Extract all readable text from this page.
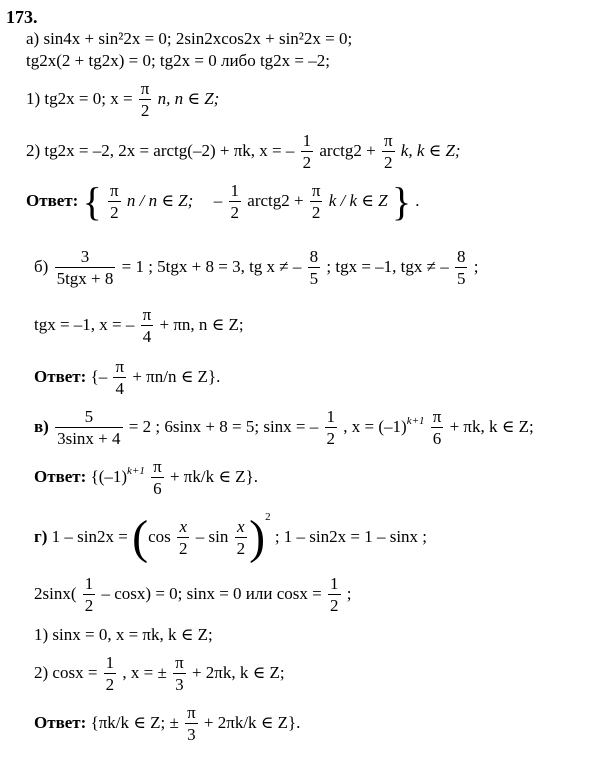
173.
а) sin4x + sin²2x = 0; 2sin2xcos2x + sin²2x = 0;
tg2x(2 + tg2x) = 0; tg2x = 0 либо tg2x = –2;
1) tg2x = 0; $x = \frac{\pi}{2} n$, n ∈ Z;
2) tg2x = –2, 2x = arctg(–2) + πk, x = – $\frac{1}{2}$ arctg2 + $\frac{\pi}{2} k$, k ∈ Z;
Ответ: { $\frac{\pi}{2}$ n / n ∈ Z; – $\frac{1}{2}$ arctg2 + $\frac{\pi}{2}$ k / k ∈ Z } .
$б) \frac{3}{\text{5tgx + 8}} = 1$ ; 5tgx + 8 = 3, tg x ≠ – $\frac{8}{5}$ ; tgx = –1, tgx ≠ – $\frac{8}{5}$ ;
tgx = –1, x = – $\frac{\pi}{4} + \pi n$, n ∈ Z;
Ответ: {– $\frac{\pi}{4} + \pi n/n$ ∈ Z}.
$в) \frac{5}{3\sin x + 4} = 2$ ; 6sinx + 8 = 5; sinx = – $\frac{1}{2}$ , $x = (-1)^{k+1} \frac{\pi}{6} + \pi k$, k ∈ Z;
Ответ: {$(-1)^{k+1} \frac{\pi}{6} + \pi k/k$ ∈ Z}.
г) $1 - \sin 2x = (\cos \frac{x}{2} - \sin \frac{x}{2} )^2$ ; 1 – sin2x = 1 – sinx ;
$2\sin x( \frac{1}{2} - \cos x) = 0$; sinx = 0 или $\cos x = \frac{1}{2}$ ;
1) sinx = 0, x = πk, k ∈ Z;
2) $\cos x = \frac{1}{2}$ , x = ± $\frac{\pi}{3} + 2\pi k$, k ∈ Z;
Ответ: {πk/k ∈ Z; ± $\frac{\pi}{3} + 2\pi k/k$ ∈ Z}.
